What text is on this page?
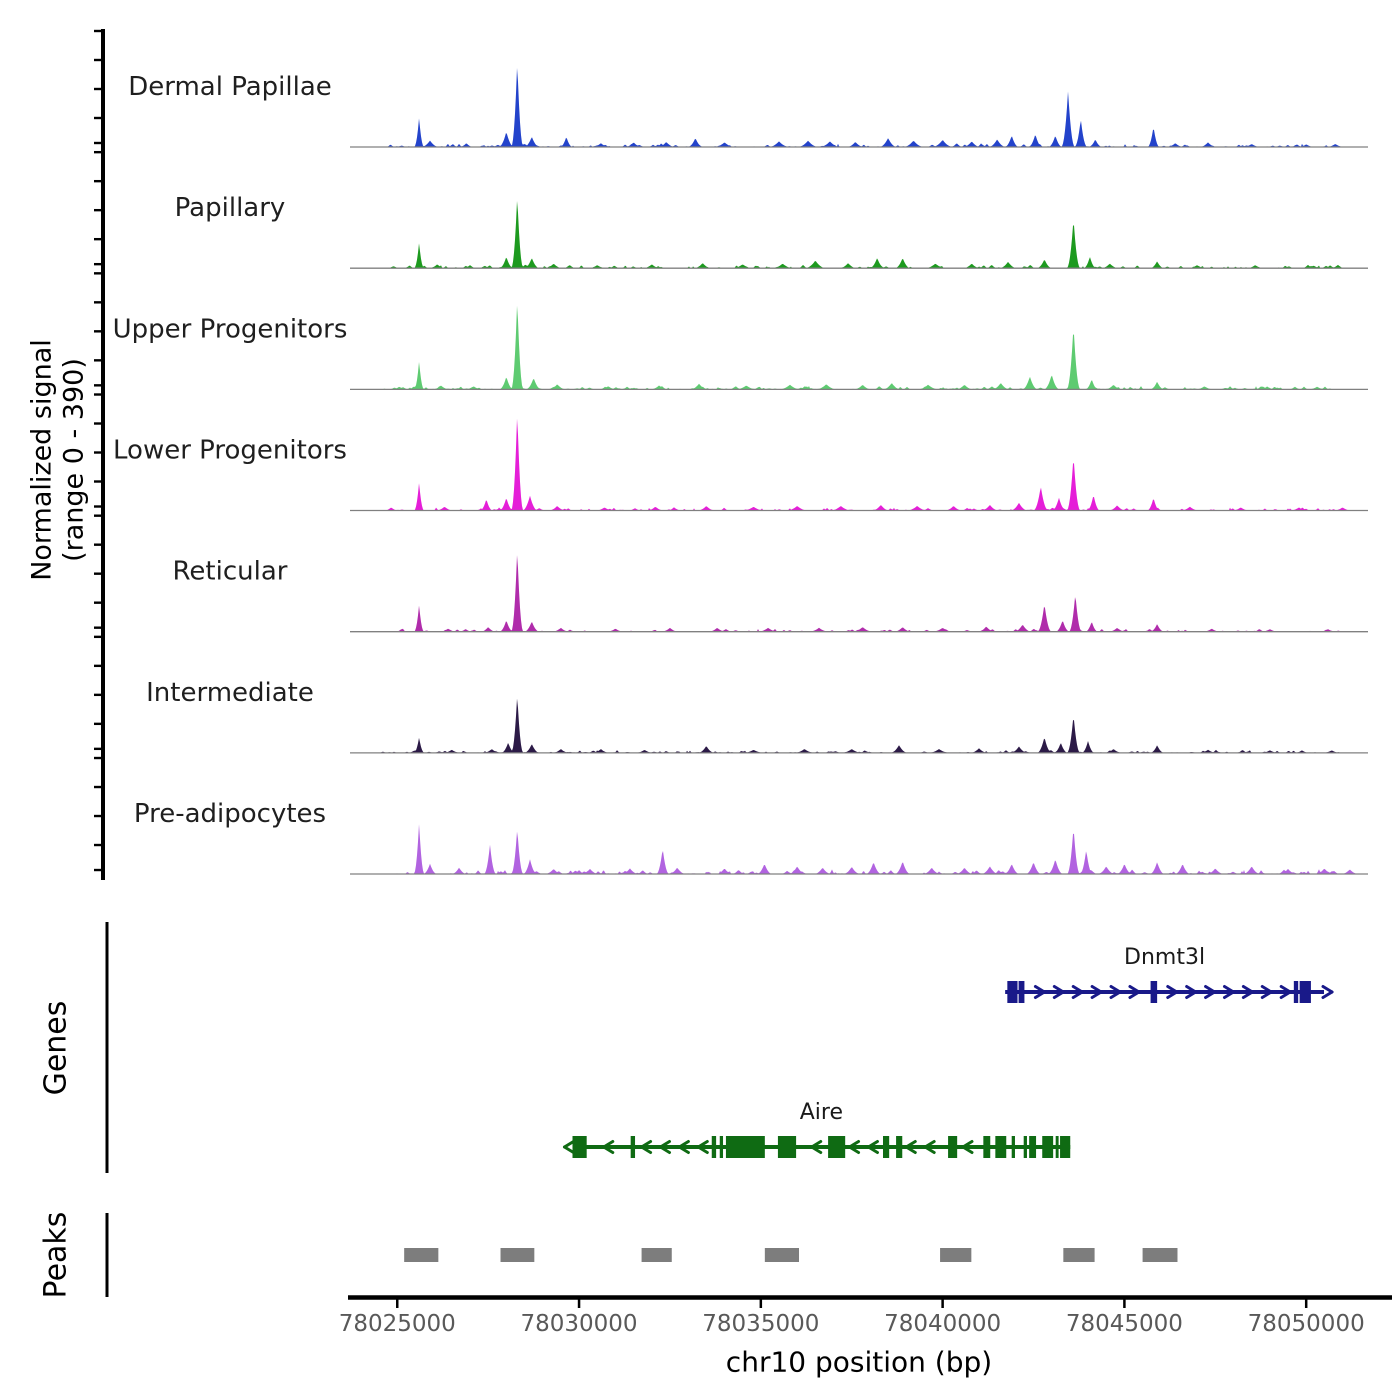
Dermal Papillae
Papillary
Upper Progenitors
Lower Progenitors
Reticular
Intermediate
Pre-adipocytes
Dnmt3l
Aire
78025000	78030000	78035000	78040000	78045000	78050000
Normalized signal (range 0 - 390)
Genes
Peaks
chr10 position (bp)
